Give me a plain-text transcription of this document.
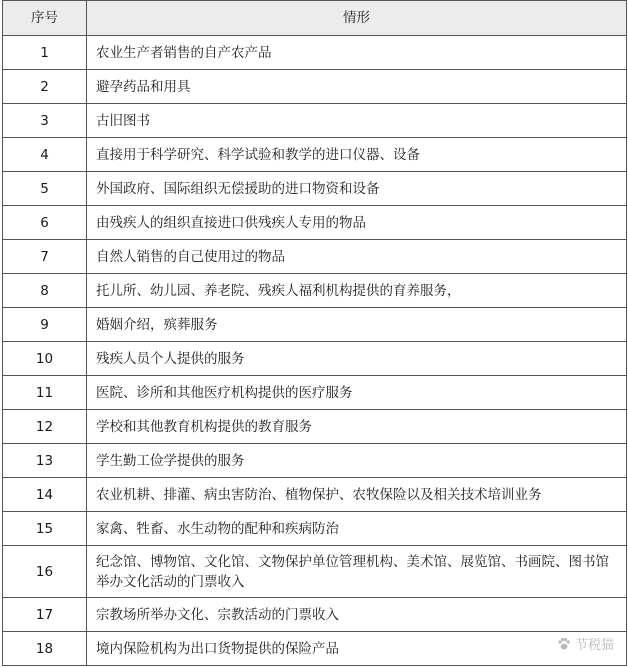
序号	情形
1	农业生产者销售的自产农产品
2	避孕药品和用具
3	古旧图书
4	直接用于科学研究、科学试验和教学的进口仪器、设备
5	外国政府、国际组织无偿援助的进口物资和设备
6	由残疾人的组织直接进口供残疾人专用的物品
7	自然人销售的自己使用过的物品
8	托儿所、幼儿园、养老院、残疾人福利机构提供的育养服务，
9	婚姻介绍，殡葬服务
10	残疾人员个人提供的服务
11	医院、诊所和其他医疗机构提供的医疗服务
12	学校和其他教育机构提供的教育服务
13	学生勤工俭学提供的服务
14	农业机耕、排灌、病虫害防治、植物保护、农牧保险以及相关技术培训业务
15	家禽、牲畜、水生动物的配种和疾病防治
16	纪念馆、博物馆、文化馆、文物保护单位管理机构、美术馆、展览馆、书画院、图书馆举办文化活动的门票收入
17	宗教场所举办文化、宗教活动的门票收入
18	境内保险机构为出口货物提供的保险产品	节税猫
